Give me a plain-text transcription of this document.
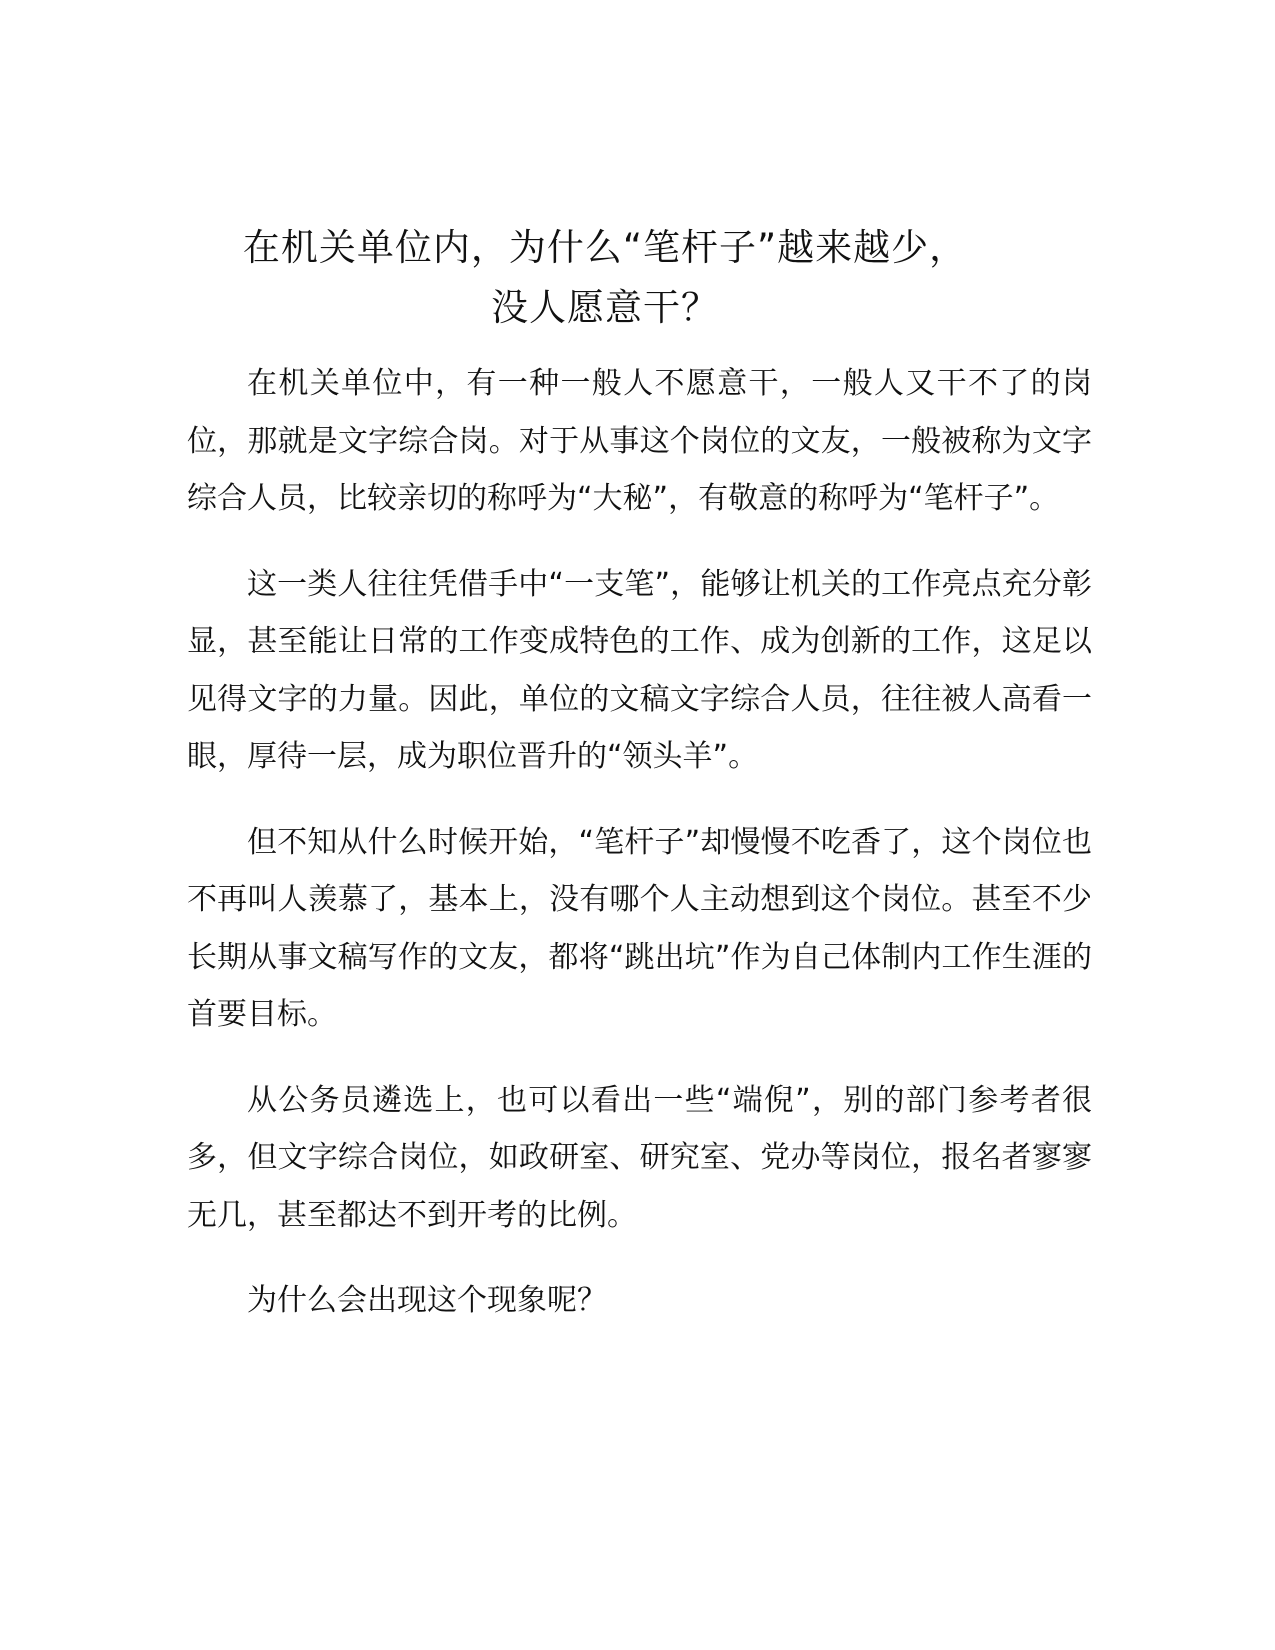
在机关单位内，为什么“笔杆子”越来越少，
没人愿意干？

在机关单位中，有一种一般人不愿意干，一般人又干不了的岗位，那就是文字综合岗。对于从事这个岗位的文友，一般被称为文字综合人员，比较亲切的称呼为“大秘”，有敬意的称呼为“笔杆子”。

这一类人往往凭借手中“一支笔”，能够让机关的工作亮点充分彰显，甚至能让日常的工作变成特色的工作、成为创新的工作，这足以见得文字的力量。因此，单位的文稿文字综合人员，往往被人高看一眼，厚待一层，成为职位晋升的“领头羊”。

但不知从什么时候开始，“笔杆子”却慢慢不吃香了，这个岗位也不再叫人羡慕了，基本上，没有哪个人主动想到这个岗位。甚至不少长期从事文稿写作的文友，都将“跳出坑”作为自己体制内工作生涯的首要目标。

从公务员遴选上，也可以看出一些“端倪”，别的部门参考者很多，但文字综合岗位，如政研室、研究室、党办等岗位，报名者寥寥无几，甚至都达不到开考的比例。

为什么会出现这个现象呢？
